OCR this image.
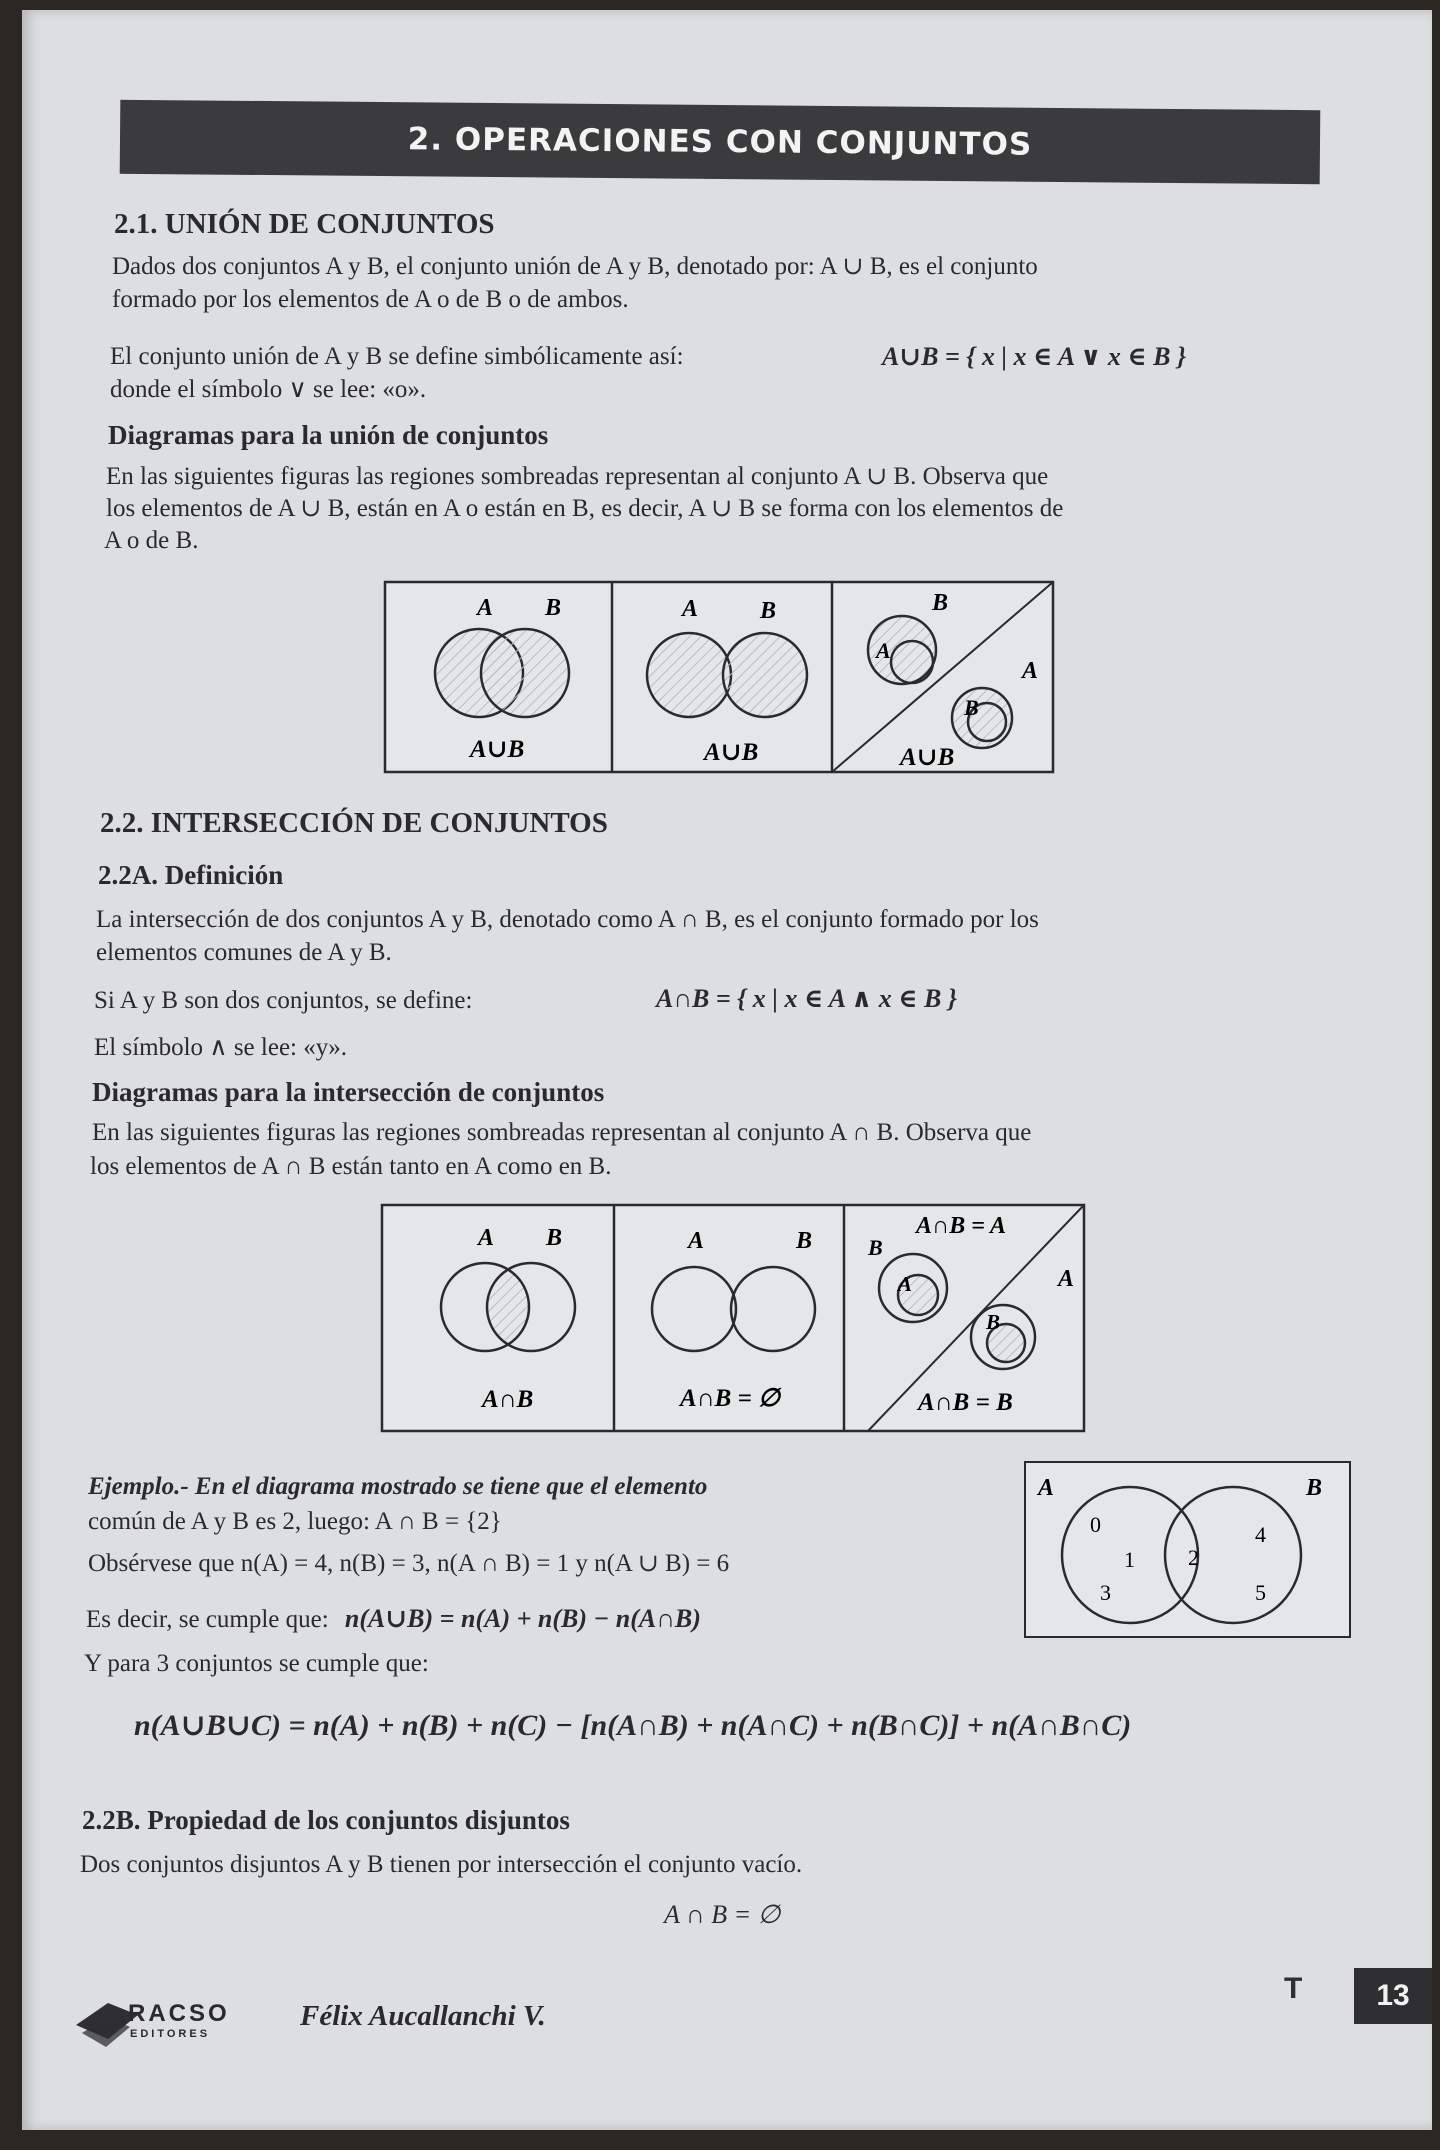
2. OPERACIONES CON CONJUNTOS
2.1. UNIÓN DE CONJUNTOS
Dados dos conjuntos A y B, el conjunto unión de A y B, denotado por: A ∪ B, es el conjunto
formado por los elementos de A o de B o de ambos.
El conjunto unión de A y B se define simbólicamente así:	A∪B = { x | x ∈ A ∨ x ∈ B }
donde el símbolo ∨ se lee: «o».
Diagramas para la unión de conjuntos
En las siguientes figuras las regiones sombreadas representan al conjunto A ∪ B. Observa que
los elementos de A ∪ B, están en A o están en B, es decir, A ∪ B se forma con los elementos de
A o de B.
A B
A∪B
A	B
A∪B
B
A
A
B
A∪B
2.2. INTERSECCIÓN DE CONJUNTOS
2.2A. Definición
La intersección de dos conjuntos A y B, denotado como A ∩ B, es el conjunto formado por los
elementos comunes de A y B.
Si A y B son dos conjuntos, se define:	A∩B = { x | x ∈ A ∧ x ∈ B }
El símbolo ∧ se lee: «y».
Diagramas para la intersección de conjuntos
En las siguientes figuras las regiones sombreadas representan al conjunto A ∩ B. Observa que
los elementos de A ∩ B están tanto en A como en B.
A B
A∩B
A	B
A∩B = ∅
A∩B = A
B
A	A
B
A∩B = B
Ejemplo.- En el diagrama mostrado se tiene que el elemento
común de A y B es 2, luego: A ∩ B = {2}
Obsérvese que n(A) = 4, n(B) = 3, n(A ∩ B) = 1 y n(A ∪ B) = 6
Es decir, se cumple que: n(A∪B) = n(A) + n(B) − n(A∩B)
Y para 3 conjuntos se cumple que:
n(A∪B∪C) = n(A) + n(B) + n(C) − [n(A∩B) + n(A∩C) + n(B∩C)] + n(A∩B∩C)
A	B
0
1
3
2
4
5
2.2B. Propiedad de los conjuntos disjuntos
Dos conjuntos disjuntos A y B tienen por intersección el conjunto vacío.
A ∩ B = ∅
RACSO
EDITORES
Félix Aucallanchi V.
T 13
